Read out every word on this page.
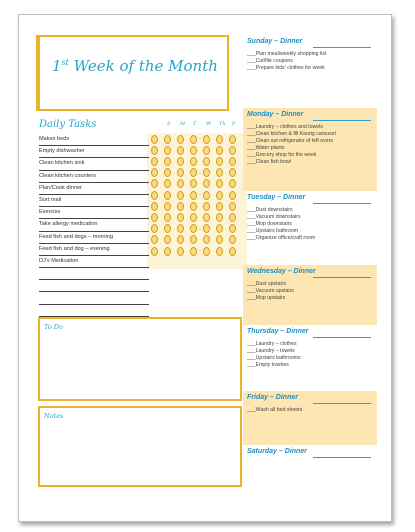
1st Week of the Month
Daily Tasks	S M T W Th F
Makes beds
Empty dishwasher
Clean kitchen sink
Clean kitchen counters
Plan/Cook dinner
Sort mail
Exercise
Take allergy medication
Feed fish and dogs – morning
Feed fish and dog – evening
DJ's Medication
To Do
Notes
Sunday – Dinner
___Plan meal/weekly shopping list
___Cut/file coupons
___Prepare kids' clothes for week
Monday – Dinner
___Laundry – clothes and towels
___Clean kitchen & fill Keurig carousel
___Clean out refrigerator of left overs
___Water plants
___Grocery shop for the week
___Clean fish bowl
Tuesday – Dinner
___Dust downstairs
___Vacuum downstairs
___Mop downstairs
___Upstairs bathroom
___Organize office/craft room
Wednesday – Dinner
___Dust upstairs
___Vacuum upstairs
___Mop upstairs
Thursday – Dinner
___Laundry – clothes
___Laundry – towels
___Upstairs bathrooms
___Empty trashes
Friday – Dinner
___Wash all bed sheets
Saturday – Dinner
